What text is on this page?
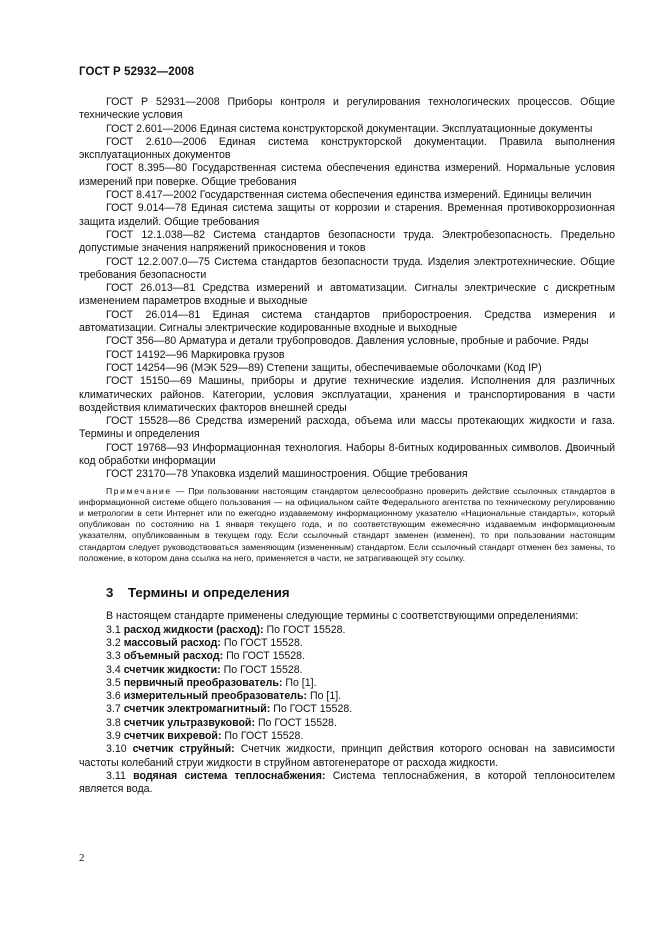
ГОСТ Р 52932—2008

ГОСТ Р 52931—2008 Приборы контроля и регулирования технологических процессов. Общие технические условия

ГОСТ 2.601—2006 Единая система конструкторской документации. Эксплуатационные документы

ГОСТ 2.610—2006 Единая система конструкторской документации. Правила выполнения эксплуатационных документов

ГОСТ 8.395—80 Государственная система обеспечения единства измерений. Нормальные условия измерений при поверке. Общие требования

ГОСТ 8.417—2002 Государственная система обеспечения единства измерений. Единицы величин

ГОСТ 9.014—78 Единая система защиты от коррозии и старения. Временная противокоррозионная защита изделий. Общие требования

ГОСТ 12.1.038—82 Система стандартов безопасности труда. Электробезопасность. Предельно допустимые значения напряжений прикосновения и токов

ГОСТ 12.2.007.0—75 Система стандартов безопасности труда. Изделия электротехнические. Общие требования безопасности

ГОСТ 26.013—81 Средства измерений и автоматизации. Сигналы электрические с дискретным изменением параметров входные и выходные

ГОСТ 26.014—81 Единая система стандартов приборостроения. Средства измерения и автоматизации. Сигналы электрические кодированные входные и выходные

ГОСТ 356—80 Арматура и детали трубопроводов. Давления условные, пробные и рабочие. Ряды

ГОСТ 14192—96 Маркировка грузов

ГОСТ 14254—96 (МЭК 529—89) Степени защиты, обеспечиваемые оболочками (Код IP)

ГОСТ 15150—69 Машины, приборы и другие технические изделия. Исполнения для различных климатических районов. Категории, условия эксплуатации, хранения и транспортирования в части воздействия климатических факторов внешней среды

ГОСТ 15528—86 Средства измерений расхода, объема или массы протекающих жидкости и газа. Термины и определения

ГОСТ 19768—93 Информационная технология. Наборы 8-битных кодированных символов. Двоичный код обработки информации

ГОСТ 23170—78 Упаковка изделий машиностроения. Общие требования

Примечание — При пользовании настоящим стандартом целесообразно проверить действие ссылочных стандартов в информационной системе общего пользования — на официальном сайте Федерального агентства по техническому регулированию и метрологии в сети Интернет или по ежегодно издаваемому информационному указателю «Национальные стандарты», который опубликован по состоянию на 1 января текущего года, и по соответствующим ежемесячно издаваемым информационным указателям, опубликованным в текущем году. Если ссылочный стандарт заменен (изменен), то при пользовании настоящим стандартом следует руководствоваться заменяющим (измененным) стандартом. Если ссылочный стандарт отменен без замены, то положение, в котором дана ссылка на него, применяется в части, не затрагивающей эту ссылку.

3 Термины и определения

В настоящем стандарте применены следующие термины с соответствующими определениями:

3.1 расход жидкости (расход): По ГОСТ 15528.

3.2 массовый расход: По ГОСТ 15528.

3.3 объемный расход: По ГОСТ 15528.

3.4 счетчик жидкости: По ГОСТ 15528.

3.5 первичный преобразователь: По [1].

3.6 измерительный преобразователь: По [1].

3.7 счетчик электромагнитный: По ГОСТ 15528.

3.8 счетчик ультразвуковой: По ГОСТ 15528.

3.9 счетчик вихревой: По ГОСТ 15528.

3.10 счетчик струйный: Счетчик жидкости, принцип действия которого основан на зависимости частоты колебаний струи жидкости в струйном автогенераторе от расхода жидкости.

3.11 водяная система теплоснабжения: Система теплоснабжения, в которой теплоносителем является вода.

2
